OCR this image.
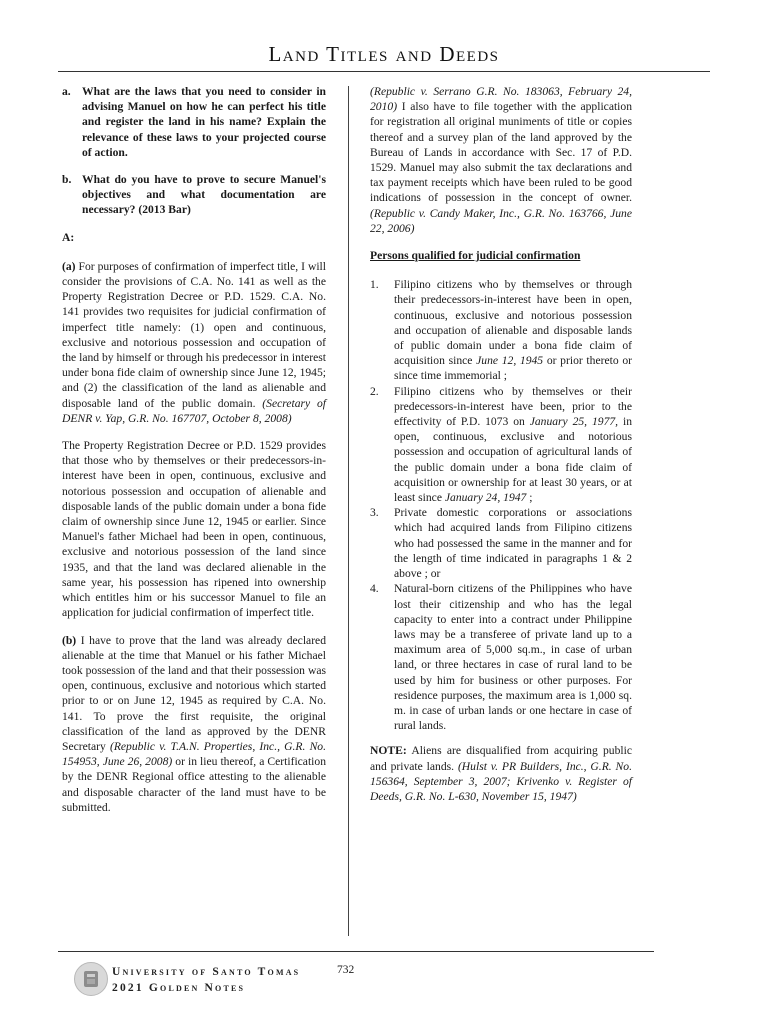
Land Titles and Deeds
a. What are the laws that you need to consider in advising Manuel on how he can perfect his title and register the land in his name? Explain the relevance of these laws to your projected course of action.
b. What do you have to prove to secure Manuel's objectives and what documentation are necessary? (2013 Bar)
A:

(a) For purposes of confirmation of imperfect title, I will consider the provisions of C.A. No. 141 as well as the Property Registration Decree or P.D. 1529. C.A. No. 141 provides two requisites for judicial confirmation of imperfect title namely: (1) open and continuous, exclusive and notorious possession and occupation of the land by himself or through his predecessor in interest under bona fide claim of ownership since June 12, 1945; and (2) the classification of the land as alienable and disposable land of the public domain. (Secretary of DENR v. Yap, G.R. No. 167707, October 8, 2008)

The Property Registration Decree or P.D. 1529 provides that those who by themselves or their predecessors-in-interest have been in open, continuous, exclusive and notorious possession and occupation of alienable and disposable lands of the public domain under a bona fide claim of ownership since June 12, 1945 or earlier. Since Manuel's father Michael had been in open, continuous, exclusive and notorious possession of the land since 1935, and that the land was declared alienable in the same year, his possession has ripened into ownership which entitles him or his successor Manuel to file an application for judicial confirmation of imperfect title.

(b) I have to prove that the land was already declared alienable at the time that Manuel or his father Michael took possession of the land and that their possession was open, continuous, exclusive and notorious which started prior to or on June 12, 1945 as required by C.A. No. 141. To prove the first requisite, the original classification of the land as approved by the DENR Secretary (Republic v. T.A.N. Properties, Inc., G.R. No. 154953, June 26, 2008) or in lieu thereof, a Certification by the DENR Regional office attesting to the alienable and disposable character of the land must have to be submitted.

(Republic v. Serrano G.R. No. 183063, February 24, 2010) I also have to file together with the application for registration all original muniments of title or copies thereof and a survey plan of the land approved by the Bureau of Lands in accordance with Sec. 17 of P.D. 1529. Manuel may also submit the tax declarations and tax payment receipts which have been ruled to be good indications of possession in the concept of owner. (Republic v. Candy Maker, Inc., G.R. No. 163766, June 22, 2006)

Persons qualified for judicial confirmation
1.	Filipino citizens who by themselves or through their predecessors-in-interest have been in open, continuous, exclusive and notorious possession and occupation of alienable and disposable lands of public domain under a bona fide claim of acquisition since June 12, 1945 or prior thereto or since time immemorial ;
2.	Filipino citizens who by themselves or their predecessors-in-interest have been, prior to the effectivity of P.D. 1073 on January 25, 1977, in open, continuous, exclusive and notorious possession and occupation of agricultural lands of the public domain under a bona fide claim of acquisition or ownership for at least 30 years, or at least since January 24, 1947 ;
3.	Private domestic corporations or associations which had acquired lands from Filipino citizens who had possessed the same in the manner and for the length of time indicated in paragraphs 1 & 2 above ; or
4.	Natural-born citizens of the Philippines who have lost their citizenship and who has the legal capacity to enter into a contract under Philippine laws may be a transferee of private land up to a maximum area of 5,000 sq.m., in case of urban land, or three hectares in case of rural land to be used by him for business or other purposes. For residence purposes, the maximum area is 1,000 sq. m. in case of urban lands or one hectare in case of rural lands.

NOTE: Aliens are disqualified from acquiring public and private lands. (Hulst v. PR Builders, Inc., G.R. No. 156364, September 3, 2007; Krivenko v. Register of Deeds, G.R. No. L-630, November 15, 1947)

University of Santo Tomas
2021 Golden Notes
732
